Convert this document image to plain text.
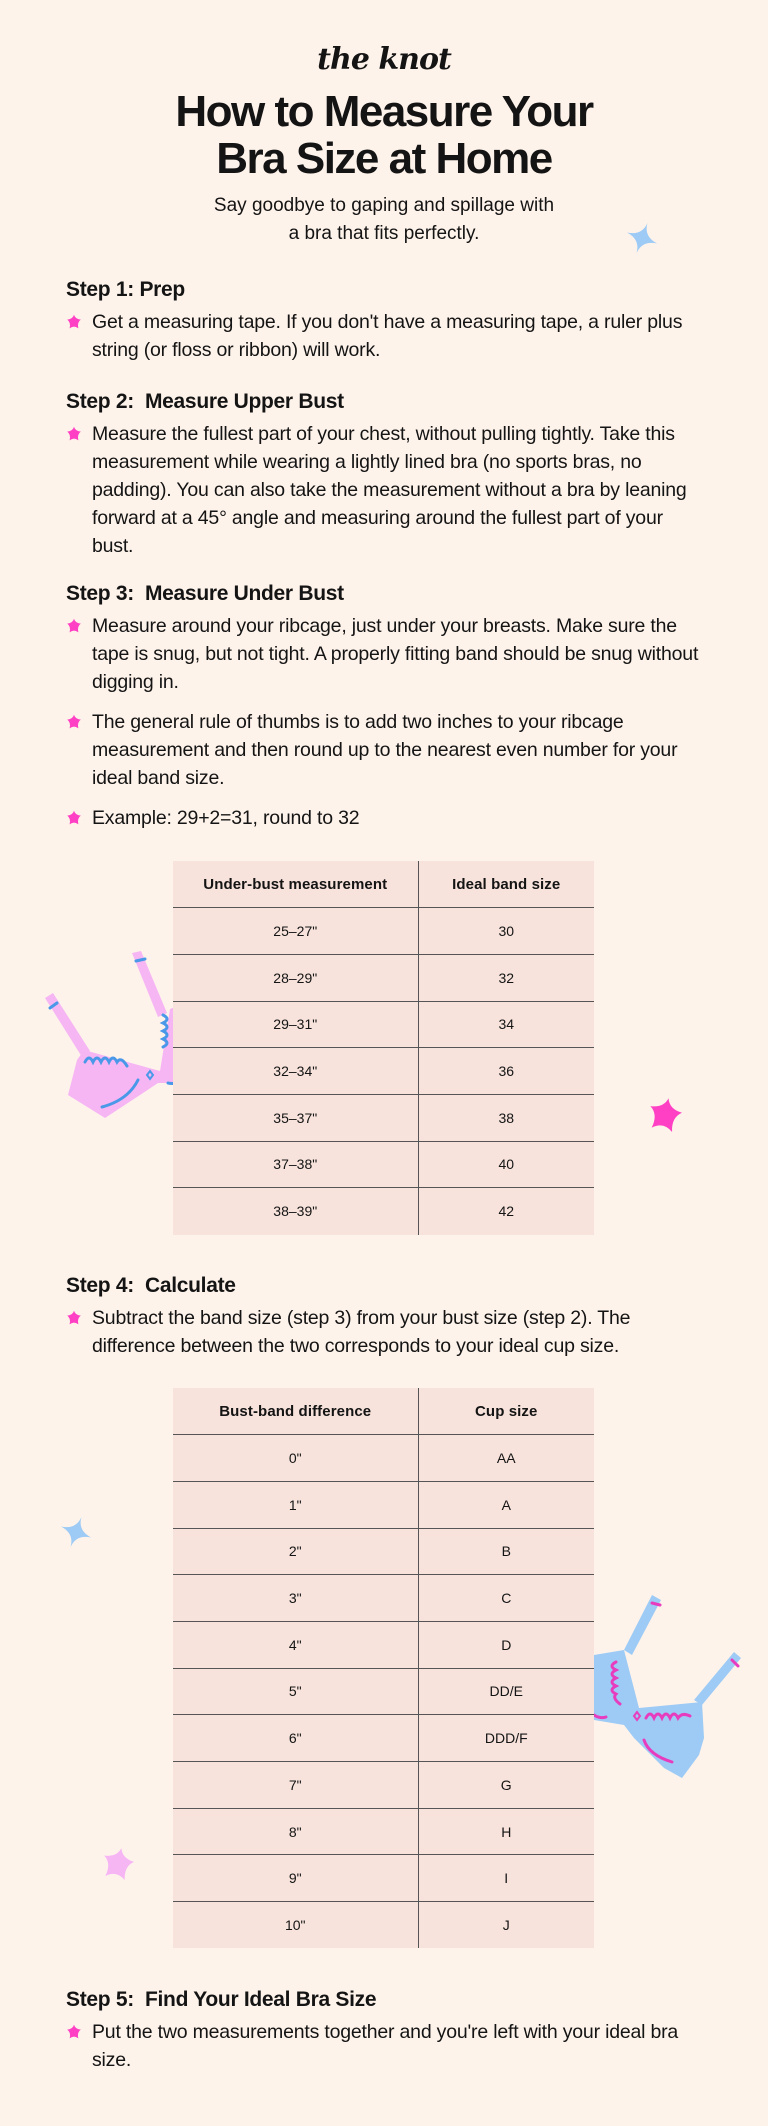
the knot
How to Measure Your
Bra Size at Home

Say goodbye to gaping and spillage with
a bra that fits perfectly.

Step 1: Prep
Get a measuring tape. If you don't have a measuring tape, a ruler plus string (or floss or ribbon) will work.
Step 2:  Measure Upper Bust
Measure the fullest part of your chest, without pulling tightly. Take this measurement while wearing a lightly lined bra (no sports bras, no padding). You can also take the measurement without a bra by leaning forward at a 45° angle and measuring around the fullest part of your bust.
Step 3:  Measure Under Bust
Measure around your ribcage, just under your breasts. Make sure the tape is snug, but not tight. A properly fitting band should be snug without digging in.
The general rule of thumbs is to add two inches to your ribcage measurement and then round up to the nearest even number for your ideal band size.
Example: 29+2=31, round to 32
Under-bust measurement	Ideal band size
25–27"	30
28–29"	32
29–31"	34
32–34"	36
35–37"	38
37–38"	40
38–39"	42
Step 4:  Calculate
Subtract the band size (step 3) from your bust size (step 2). The difference between the two corresponds to your ideal cup size.
Bust-band difference	Cup size
0"	AA
1"	A
2"	B
3"	C
4"	D
5"	DD/E
6"	DDD/F
7"	G
8"	H
9"	I
10"	J
Step 5:  Find Your Ideal Bra Size
Put the two measurements together and you're left with your ideal bra size.
